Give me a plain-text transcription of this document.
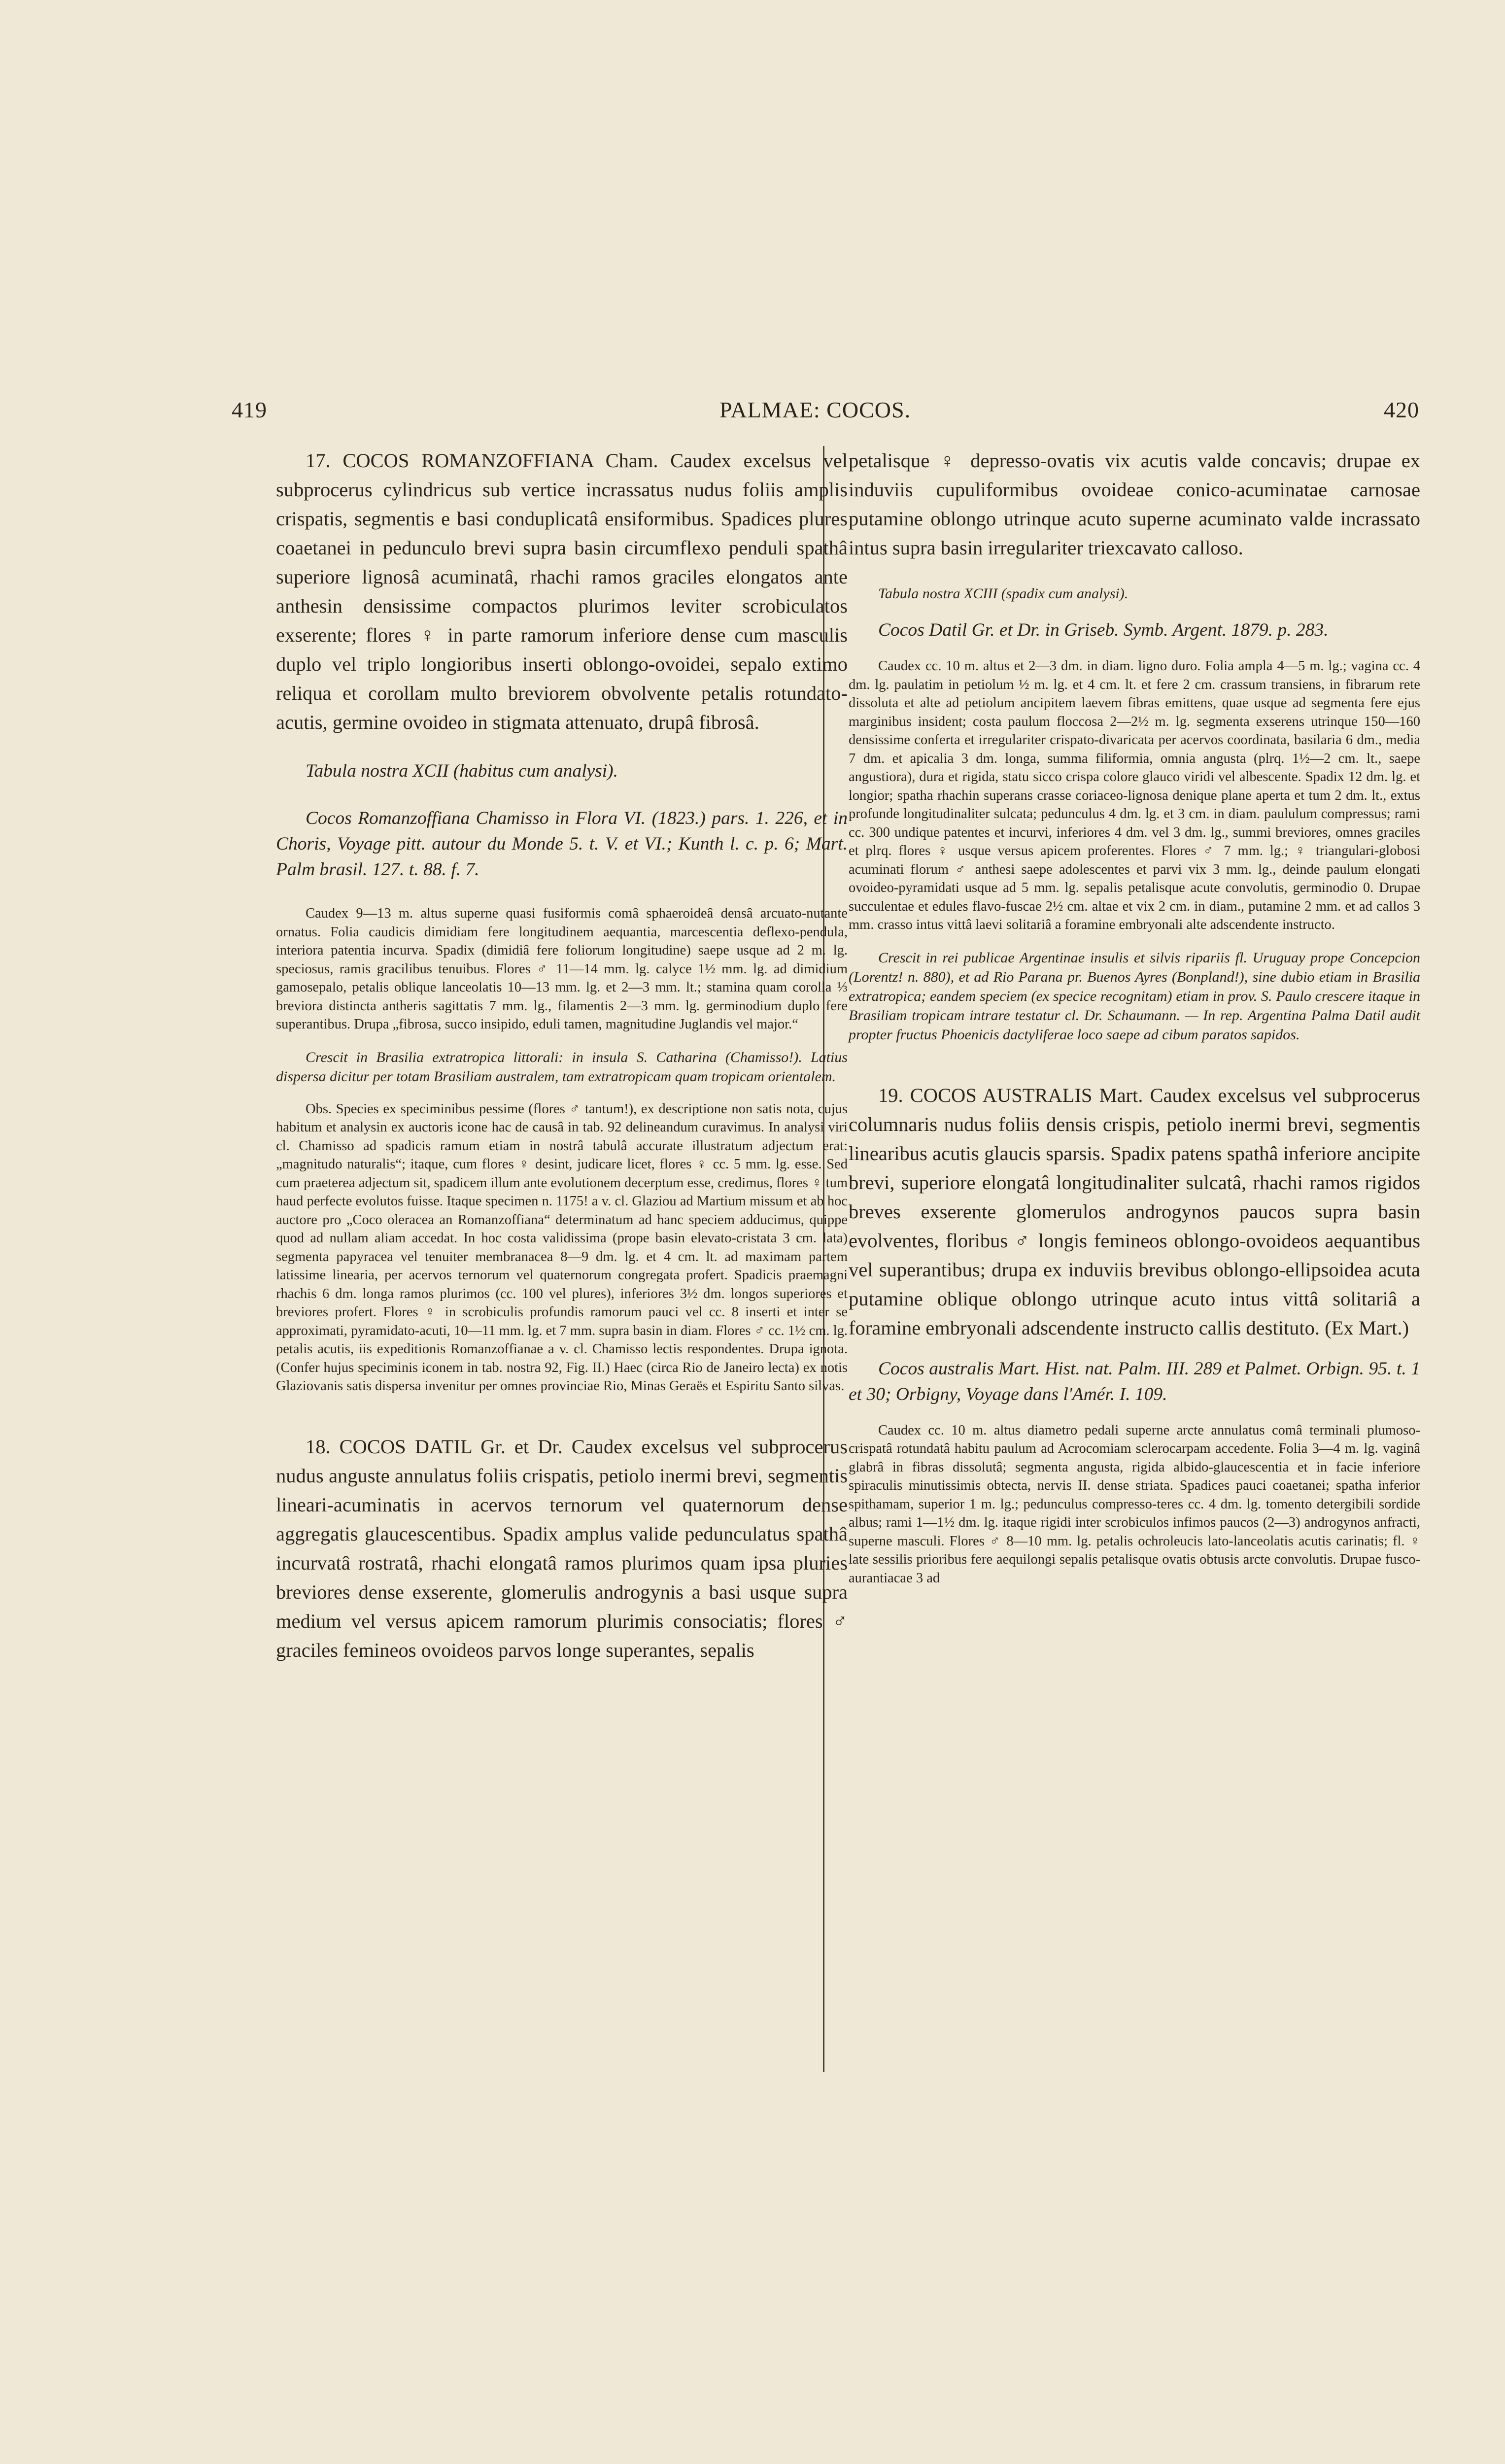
419	PALMAE: COCOS.	420

17. COCOS ROMANZOFFIANA Cham. Caudex excelsus vel subprocerus cylindricus sub vertice incrassatus nudus foliis amplis crispatis, segmentis e basi conduplicatâ ensiformibus. Spadices plures coaetanei in pedunculo brevi supra basin circumflexo penduli spathâ superiore lignosâ acuminatâ, rhachi ramos graciles elongatos ante anthesin densissime compactos plurimos leviter scrobiculatos exserente; flores ♀ in parte ramorum inferiore dense cum masculis duplo vel triplo longioribus inserti oblongo-ovoidei, sepalo extimo reliqua et corollam multo breviorem obvolvente petalis rotundato-acutis, germine ovoideo in stigmata attenuato, drupâ fibrosâ.

Tabula nostra XCII (habitus cum analysi).

Cocos Romanzoffiana Chamisso in Flora VI. (1823.) pars. 1. 226, et in Choris, Voyage pitt. autour du Monde 5. t. V. et VI.; Kunth l. c. p. 6; Mart. Palm brasil. 127. t. 88. f. 7.

Caudex 9—13 m. altus superne quasi fusiformis comâ sphaeroideâ densâ arcuato-nutante ornatus. Folia caudicis dimidiam fere longitudinem aequantia, marcescentia deflexo-pendula, interiora patentia incurva. Spadix (dimidiâ fere foliorum longitudine) saepe usque ad 2 m. lg. speciosus, ramis gracilibus tenuibus. Flores ♂ 11—14 mm. lg. calyce 1½ mm. lg. ad dimidium gamosepalo, petalis oblique lanceolatis 10—13 mm. lg. et 2—3 mm. lt.; stamina quam corolla ⅓ breviora distincta antheris sagittatis 7 mm. lg., filamentis 2—3 mm. lg. germinodium duplo fere superantibus. Drupa „fibrosa, succo insipido, eduli tamen, magnitudine Juglandis vel major.“

Crescit in Brasilia extratropica littorali: in insula S. Catharina (Chamisso!). Latius dispersa dicitur per totam Brasiliam australem, tam extratropicam quam tropicam orientalem.

Obs. Species ex speciminibus pessime (flores ♂ tantum!), ex descriptione non satis nota, cujus habitum et analysin ex auctoris icone hac de causâ in tab. 92 delineandum curavimus. In analysi viri cl. Chamisso ad spadicis ramum etiam in nostrâ tabulâ accurate illustratum adjectum erat: „magnitudo naturalis“; itaque, cum flores ♀ desint, judicare licet, flores ♀ cc. 5 mm. lg. esse. Sed cum praeterea adjectum sit, spadicem illum ante evolutionem decerptum esse, credimus, flores ♀ tum haud perfecte evolutos fuisse. Itaque specimen n. 1175! a v. cl. Glaziou ad Martium missum et ab hoc auctore pro „Coco oleracea an Romanzoffiana“ determinatum ad hanc speciem adducimus, quippe quod ad nullam aliam accedat. In hoc costa validissima (prope basin elevato-cristata 3 cm. lata) segmenta papyracea vel tenuiter membranacea 8—9 dm. lg. et 4 cm. lt. ad maximam partem latissime linearia, per acervos ternorum vel quaternorum congregata profert. Spadicis praemagni rhachis 6 dm. longa ramos plurimos (cc. 100 vel plures), inferiores 3½ dm. longos superiores et breviores profert. Flores ♀ in scrobiculis profundis ramorum pauci vel cc. 8 inserti et inter se approximati, pyramidato-acuti, 10—11 mm. lg. et 7 mm. supra basin in diam. Flores ♂ cc. 1½ cm. lg. petalis acutis, iis expeditionis Romanzoffianae a v. cl. Chamisso lectis respondentes. Drupa ignota. (Confer hujus speciminis iconem in tab. nostra 92, Fig. II.) Haec (circa Rio de Janeiro lecta) ex notis Glaziovanis satis dispersa invenitur per omnes provinciae Rio, Minas Geraës et Espiritu Santo silvas.

18. COCOS DATIL Gr. et Dr. Caudex excelsus vel subprocerus nudus anguste annulatus foliis crispatis, petiolo inermi brevi, segmentis lineari-acuminatis in acervos ternorum vel quaternorum dense aggregatis glaucescentibus. Spadix amplus valide pedunculatus spathâ incurvatâ rostratâ, rhachi elongatâ ramos plurimos quam ipsa pluries breviores dense exserente, glomerulis androgynis a basi usque supra medium vel versus apicem ramorum plurimis consociatis; flores ♂ graciles femineos ovoideos parvos longe superantes, sepalis

petalisque ♀ depresso-ovatis vix acutis valde concavis; drupae ex induviis cupuliformibus ovoideae conico-acuminatae carnosae putamine oblongo utrinque acuto superne acuminato valde incrassato intus supra basin irregulariter triexcavato calloso.

Tabula nostra XCIII (spadix cum analysi).

Cocos Datil Gr. et Dr. in Griseb. Symb. Argent. 1879. p. 283.

Caudex cc. 10 m. altus et 2—3 dm. in diam. ligno duro. Folia ampla 4—5 m. lg.; vagina cc. 4 dm. lg. paulatim in petiolum ½ m. lg. et 4 cm. lt. et fere 2 cm. crassum transiens, in fibrarum rete dissoluta et alte ad petiolum ancipitem laevem fibras emittens, quae usque ad segmenta fere ejus marginibus insident; costa paulum floccosa 2—2½ m. lg. segmenta exserens utrinque 150—160 densissime conferta et irregulariter crispato-divaricata per acervos coordinata, basilaria 6 dm., media 7 dm. et apicalia 3 dm. longa, summa filiformia, omnia angusta (plrq. 1½—2 cm. lt., saepe angustiora), dura et rigida, statu sicco crispa colore glauco viridi vel albescente. Spadix 12 dm. lg. et longior; spatha rhachin superans crasse coriaceo-lignosa denique plane aperta et tum 2 dm. lt., extus profunde longitudinaliter sulcata; pedunculus 4 dm. lg. et 3 cm. in diam. paululum compressus; rami cc. 300 undique patentes et incurvi, inferiores 4 dm. vel 3 dm. lg., summi breviores, omnes graciles et plrq. flores ♀ usque versus apicem proferentes. Flores ♂ 7 mm. lg.; ♀ triangulari-globosi acuminati florum ♂ anthesi saepe adolescentes et parvi vix 3 mm. lg., deinde paulum elongati ovoideo-pyramidati usque ad 5 mm. lg. sepalis petalisque acute convolutis, germinodio 0. Drupae succulentae et edules flavo-fuscae 2½ cm. altae et vix 2 cm. in diam., putamine 2 mm. et ad callos 3 mm. crasso intus vittâ laevi solitariâ a foramine embryonali alte adscendente instructo.

Crescit in rei publicae Argentinae insulis et silvis ripariis fl. Uruguay prope Concepcion (Lorentz! n. 880), et ad Rio Parana pr. Buenos Ayres (Bonpland!), sine dubio etiam in Brasilia extratropica; eandem speciem (ex specice recognitam) etiam in prov. S. Paulo crescere itaque in Brasiliam tropicam intrare testatur cl. Dr. Schaumann. — In rep. Argentina Palma Datil audit propter fructus Phoenicis dactyliferae loco saepe ad cibum paratos sapidos.

19. COCOS AUSTRALIS Mart. Caudex excelsus vel subprocerus columnaris nudus foliis densis crispis, petiolo inermi brevi, segmentis linearibus acutis glaucis sparsis. Spadix patens spathâ inferiore ancipite brevi, superiore elongatâ longitudinaliter sulcatâ, rhachi ramos rigidos breves exserente glomerulos androgynos paucos supra basin evolventes, floribus ♂ longis femineos oblongo-ovoideos aequantibus vel superantibus; drupa ex induviis brevibus oblongo-ellipsoidea acuta putamine oblique oblongo utrinque acuto intus vittâ solitariâ a foramine embryonali adscendente instructo callis destituto. (Ex Mart.)

Cocos australis Mart. Hist. nat. Palm. III. 289 et Palmet. Orbign. 95. t. 1 et 30; Orbigny, Voyage dans l'Amér. I. 109.

Caudex cc. 10 m. altus diametro pedali superne arcte annulatus comâ terminali plumoso-crispatâ rotundatâ habitu paulum ad Acrocomiam sclerocarpam accedente. Folia 3—4 m. lg. vaginâ glabrâ in fibras dissolutâ; segmenta angusta, rigida albido-glaucescentia et in facie inferiore spiraculis minutissimis obtecta, nervis II. dense striata. Spadices pauci coaetanei; spatha inferior spithamam, superior 1 m. lg.; pedunculus compresso-teres cc. 4 dm. lg. tomento detergibili sordide albus; rami 1—1½ dm. lg. itaque rigidi inter scrobiculos infimos paucos (2—3) androgynos anfracti, superne masculi. Flores ♂ 8—10 mm. lg. petalis ochroleucis lato-lanceolatis acutis carinatis; fl. ♀ late sessilis prioribus fere aequilongi sepalis petalisque ovatis obtusis arcte convolutis. Drupae fusco-aurantiacae 3 ad
